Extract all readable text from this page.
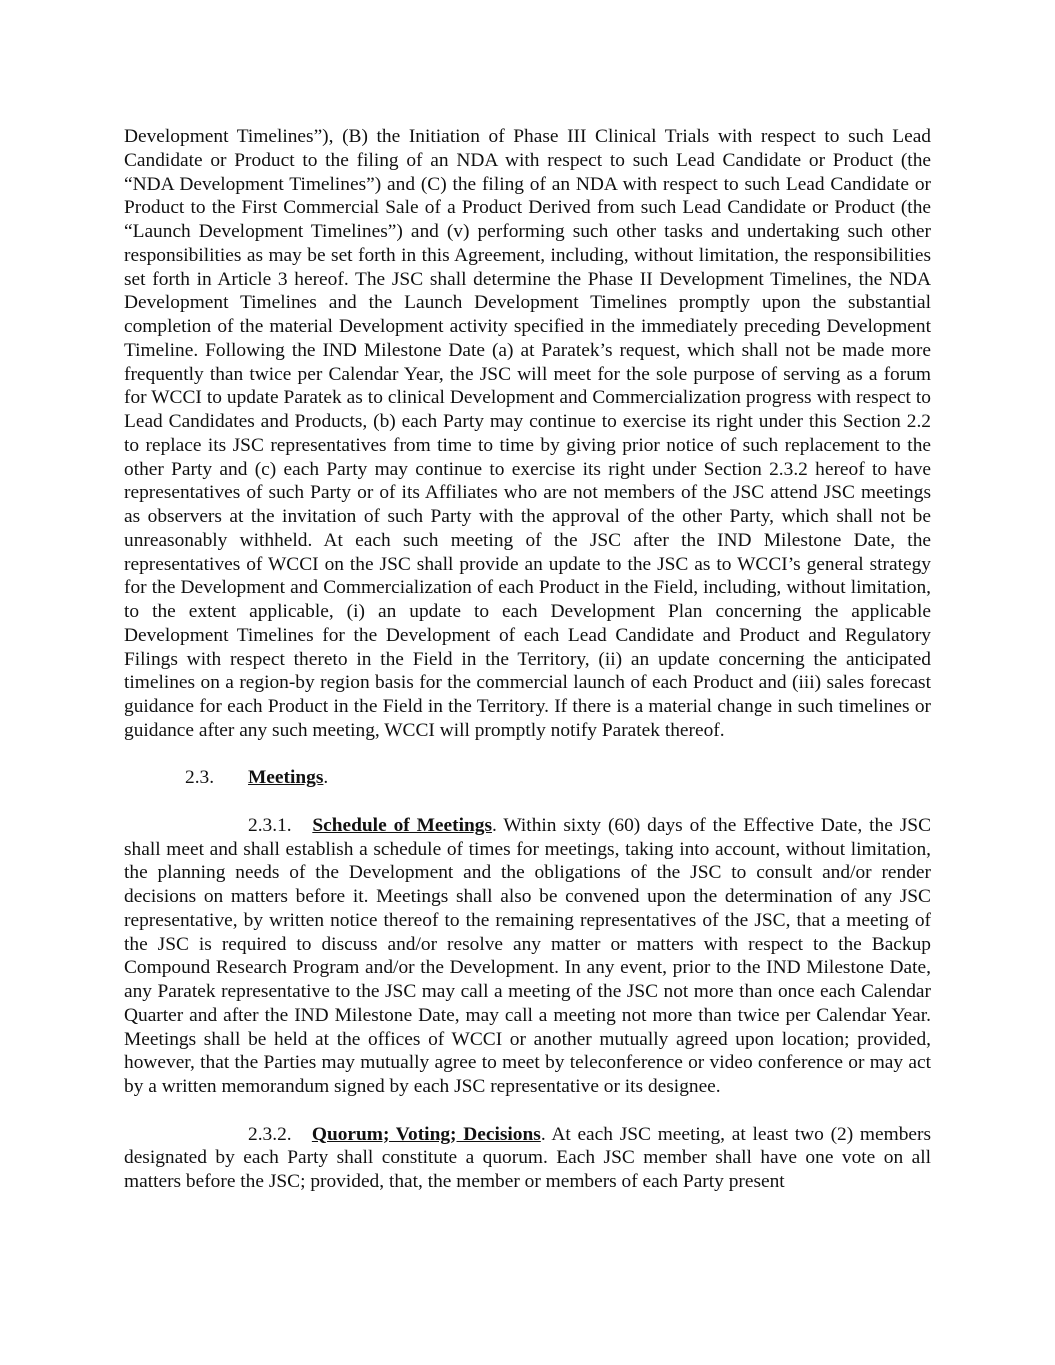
Development Timelines”), (B) the Initiation of Phase III Clinical Trials with respect to such Lead Candidate or Product to the filing of an NDA with respect to such Lead Candidate or Product (the “NDA Development Timelines”) and (C) the filing of an NDA with respect to such Lead Candidate or Product to the First Commercial Sale of a Product Derived from such Lead Candidate or Product (the “Launch Development Timelines”) and (v) performing such other tasks and undertaking such other responsibilities as may be set forth in this Agreement, including, without limitation, the responsibilities set forth in Article 3 hereof. The JSC shall determine the Phase II Development Timelines, the NDA Development Timelines and the Launch Development Timelines promptly upon the substantial completion of the material Development activity specified in the immediately preceding Development Timeline. Following the IND Milestone Date (a) at Paratek’s request, which shall not be made more frequently than twice per Calendar Year, the JSC will meet for the sole purpose of serving as a forum for WCCI to update Paratek as to clinical Development and Commercialization progress with respect to Lead Candidates and Products, (b) each Party may continue to exercise its right under this Section 2.2 to replace its JSC representatives from time to time by giving prior notice of such replacement to the other Party and (c) each Party may continue to exercise its right under Section 2.3.2 hereof to have representatives of such Party or of its Affiliates who are not members of the JSC attend JSC meetings as observers at the invitation of such Party with the approval of the other Party, which shall not be unreasonably withheld. At each such meeting of the JSC after the IND Milestone Date, the representatives of WCCI on the JSC shall provide an update to the JSC as to WCCI’s general strategy for the Development and Commercialization of each Product in the Field, including, without limitation, to the extent applicable, (i) an update to each Development Plan concerning the applicable Development Timelines for the Development of each Lead Candidate and Product and Regulatory Filings with respect thereto in the Field in the Territory, (ii) an update concerning the anticipated timelines on a region-by region basis for the commercial launch of each Product and (iii) sales forecast guidance for each Product in the Field in the Territory. If there is a material change in such timelines or guidance after any such meeting, WCCI will promptly notify Paratek thereof.

2.3. Meetings.

2.3.1. Schedule of Meetings. Within sixty (60) days of the Effective Date, the JSC shall meet and shall establish a schedule of times for meetings, taking into account, without limitation, the planning needs of the Development and the obligations of the JSC to consult and/or render decisions on matters before it. Meetings shall also be convened upon the determination of any JSC representative, by written notice thereof to the remaining representatives of the JSC, that a meeting of the JSC is required to discuss and/or resolve any matter or matters with respect to the Backup Compound Research Program and/or the Development. In any event, prior to the IND Milestone Date, any Paratek representative to the JSC may call a meeting of the JSC not more than once each Calendar Quarter and after the IND Milestone Date, may call a meeting not more than twice per Calendar Year. Meetings shall be held at the offices of WCCI or another mutually agreed upon location; provided, however, that the Parties may mutually agree to meet by teleconference or video conference or may act by a written memorandum signed by each JSC representative or its designee.

2.3.2. Quorum; Voting; Decisions. At each JSC meeting, at least two (2) members designated by each Party shall constitute a quorum. Each JSC member shall have one vote on all matters before the JSC; provided, that, the member or members of each Party present
